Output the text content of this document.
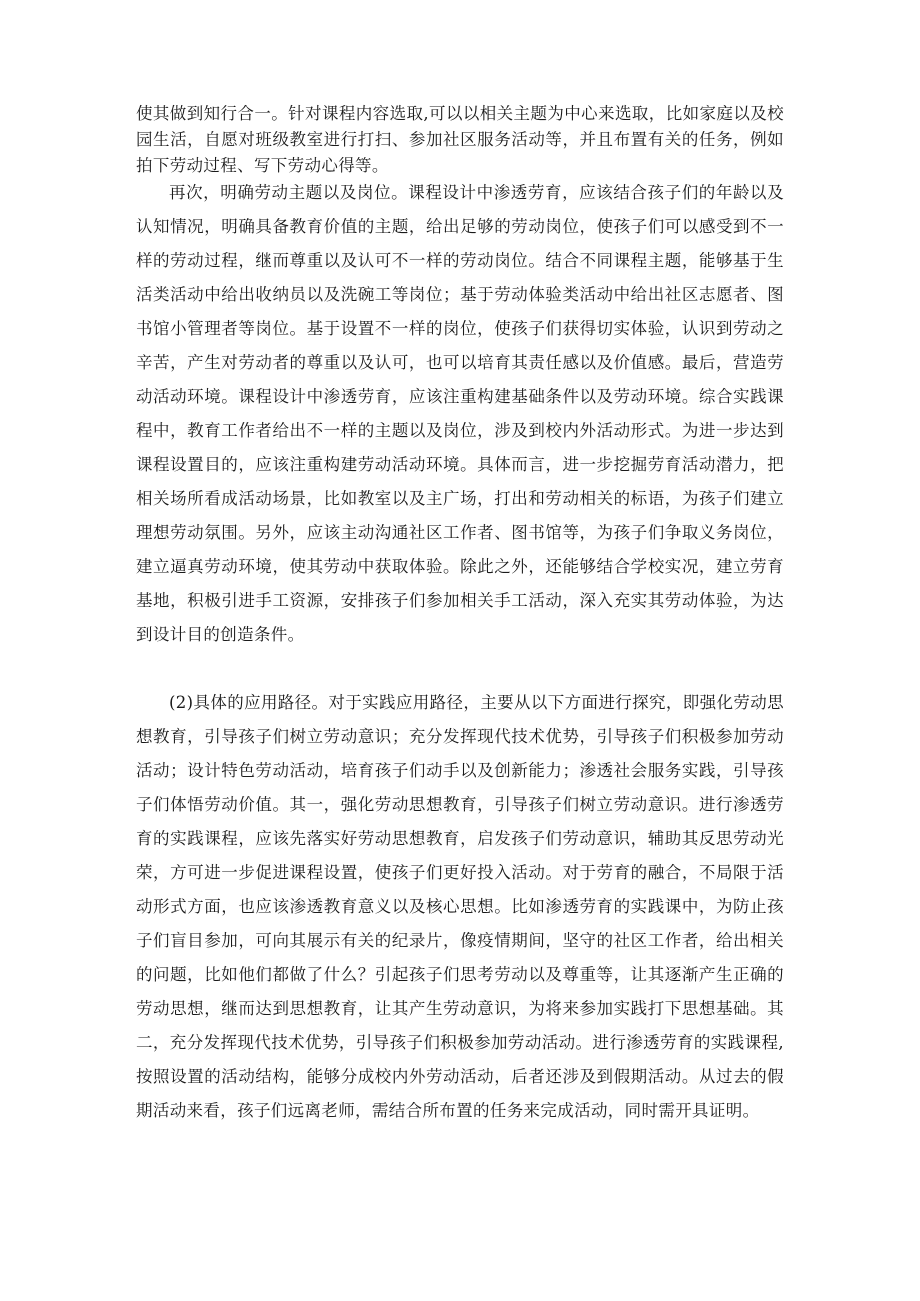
使其做到知行合一。针对课程内容选取,可以以相关主题为中心来选取，比如家庭以及校园生活，自愿对班级教室进行打扫、参加社区服务活动等，并且布置有关的任务，例如拍下劳动过程、写下劳动心得等。

再次，明确劳动主题以及岗位。课程设计中渗透劳育，应该结合孩子们的年龄以及认知情况，明确具备教育价值的主题，给出足够的劳动岗位，使孩子们可以感受到不一样的劳动过程，继而尊重以及认可不一样的劳动岗位。结合不同课程主题，能够基于生活类活动中给出收纳员以及洗碗工等岗位；基于劳动体验类活动中给出社区志愿者、图书馆小管理者等岗位。基于设置不一样的岗位，使孩子们获得切实体验，认识到劳动之辛苦，产生对劳动者的尊重以及认可，也可以培育其责任感以及价值感。最后，营造劳动活动环境。课程设计中渗透劳育，应该注重构建基础条件以及劳动环境。综合实践课程中，教育工作者给出不一样的主题以及岗位，涉及到校内外活动形式。为进一步达到课程设置目的，应该注重构建劳动活动环境。具体而言，进一步挖掘劳育活动潜力，把相关场所看成活动场景，比如教室以及主广场，打出和劳动相关的标语，为孩子们建立理想劳动氛围。另外，应该主动沟通社区工作者、图书馆等，为孩子们争取义务岗位，建立逼真劳动环境，使其劳动中获取体验。除此之外，还能够结合学校实况，建立劳育基地，积极引进手工资源，安排孩子们参加相关手工活动，深入充实其劳动体验，为达到设计目的创造条件。

(2)具体的应用路径。对于实践应用路径，主要从以下方面进行探究，即强化劳动思想教育，引导孩子们树立劳动意识；充分发挥现代技术优势，引导孩子们积极参加劳动活动；设计特色劳动活动，培育孩子们动手以及创新能力；渗透社会服务实践，引导孩子们体悟劳动价值。其一，强化劳动思想教育，引导孩子们树立劳动意识。进行渗透劳育的实践课程，应该先落实好劳动思想教育，启发孩子们劳动意识，辅助其反思劳动光荣，方可进一步促进课程设置，使孩子们更好投入活动。对于劳育的融合，不局限于活动形式方面，也应该渗透教育意义以及核心思想。比如渗透劳育的实践课中，为防止孩子们盲目参加，可向其展示有关的纪录片，像疫情期间，坚守的社区工作者，给出相关的问题，比如他们都做了什么？引起孩子们思考劳动以及尊重等，让其逐渐产生正确的劳动思想，继而达到思想教育，让其产生劳动意识，为将来参加实践打下思想基础。其二，充分发挥现代技术优势，引导孩子们积极参加劳动活动。进行渗透劳育的实践课程,按照设置的活动结构，能够分成校内外劳动活动，后者还涉及到假期活动。从过去的假期活动来看，孩子们远离老师，需结合所布置的任务来完成活动，同时需开具证明。
